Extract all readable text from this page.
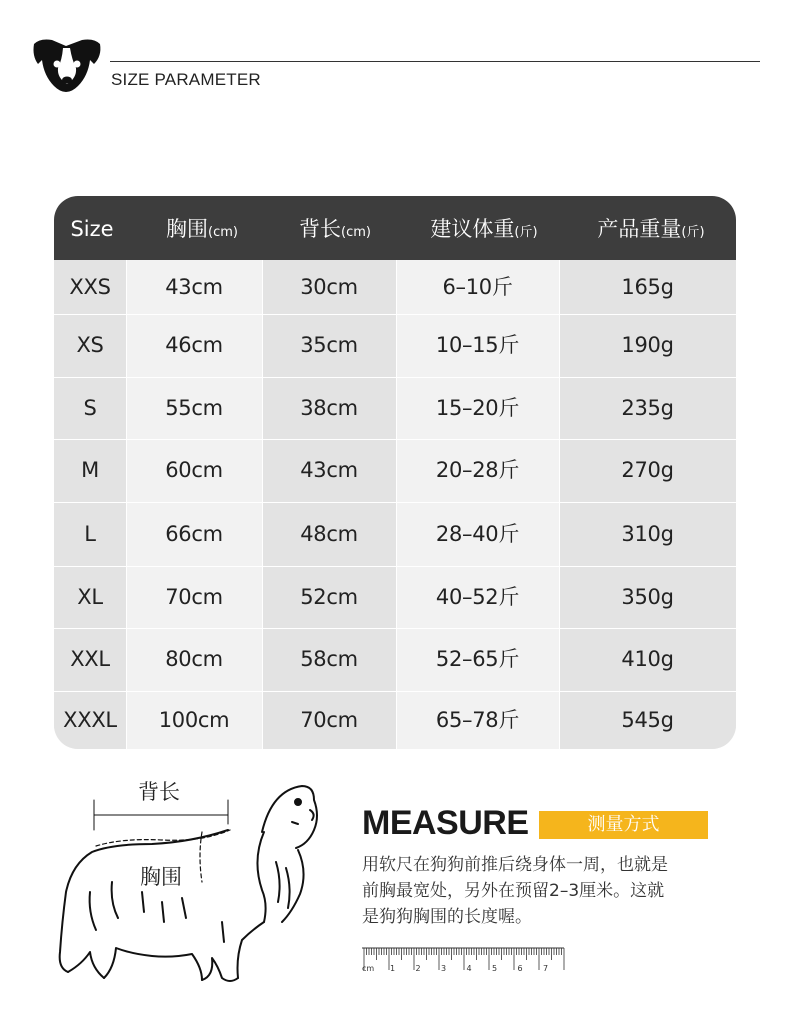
SIZE PARAMETER
Size	胸围(cm)	背长(cm)	建议体重(斤)	产品重量(斤)
XXS	43cm	30cm	6–10斤	165g
XS	46cm	35cm	10–15斤	190g
S	55cm	38cm	15–20斤	235g
M	60cm	43cm	20–28斤	270g
L	66cm	48cm	28–40斤	310g
XL	70cm	52cm	40–52斤	350g
XXL	80cm	58cm	52–65斤	410g
XXXL	100cm	70cm	65–78斤	545g
背长
胸围
MEASURE	测量方式
用软尺在狗狗前推后绕身体一周，也就是
前胸最宽处，另外在预留2–3厘米。这就
是狗狗胸围的长度喔。
cm 1	2	3	4	5	6	7
